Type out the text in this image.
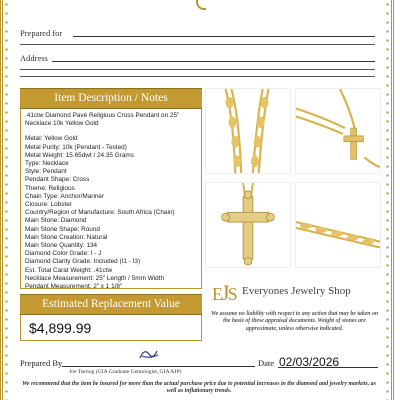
Prepared for
Address
Item Description / Notes
.41ctw Diamond Pavé Religious Cross Pendant on 25" Necklace 10k Yellow Gold
Metal: Yellow Gold
Metal Purity: 10k (Pendant - Tested)
Metal Weight: 15.65dwt / 24.35 Grams
Type: Necklace
Style: Pendant
Pendant Shape: Cross
Theme: Religious
Chain Type: Anchor/Mariner
Closure: Lobster
Country/Region of Manufacture: South Africa (Chain)
Main Stone: Diamond
Main Stone Shape: Round
Main Stone Creation: Natural
Main Stone Quantity: 134
Diamond Color Grade: I - J
Diamond Clarity Grade: Included (I1 - I3)
Est. Total Carat Weight: .41ctw
Necklace Measurement: 25" Length / 5mm Width
Pendant Measurement: 2" x 1 1/8"
Estimated Replacement Value
$4,899.99
EJS Everyones Jewelry Shop
We assume no liability with respect to any action that may be taken on the basis of these appraisal documents. Weight of stones are approximate, unless otherwise indicated.
Prepared By
Joe Tsering (GIA Graduate Gemologist, GIA AJP)
Date 02/03/2026
We recommend that the item be insured for more than the actual purchase price due to potential increases in the diamond and jewelry markets, as well as inflationary trends.
